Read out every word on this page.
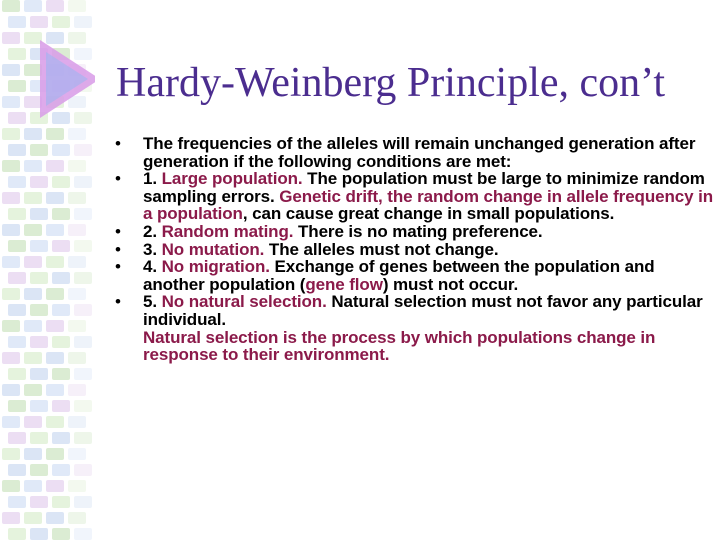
Hardy-Weinberg Principle, con’t
• The frequencies of the alleles will remain unchanged generation after generation if the following conditions are met:
• 1. Large population. The population must be large to minimize random sampling errors. Genetic drift, the random change in allele frequency in a population, can cause great change in small populations.
• 2. Random mating. There is no mating preference.
• 3. No mutation. The alleles must not change.
• 4. No migration. Exchange of genes between the population and another population (gene flow) must not occur.
• 5. No natural selection. Natural selection must not favor any particular individual.
Natural selection is the process by which populations change in response to their environment.
